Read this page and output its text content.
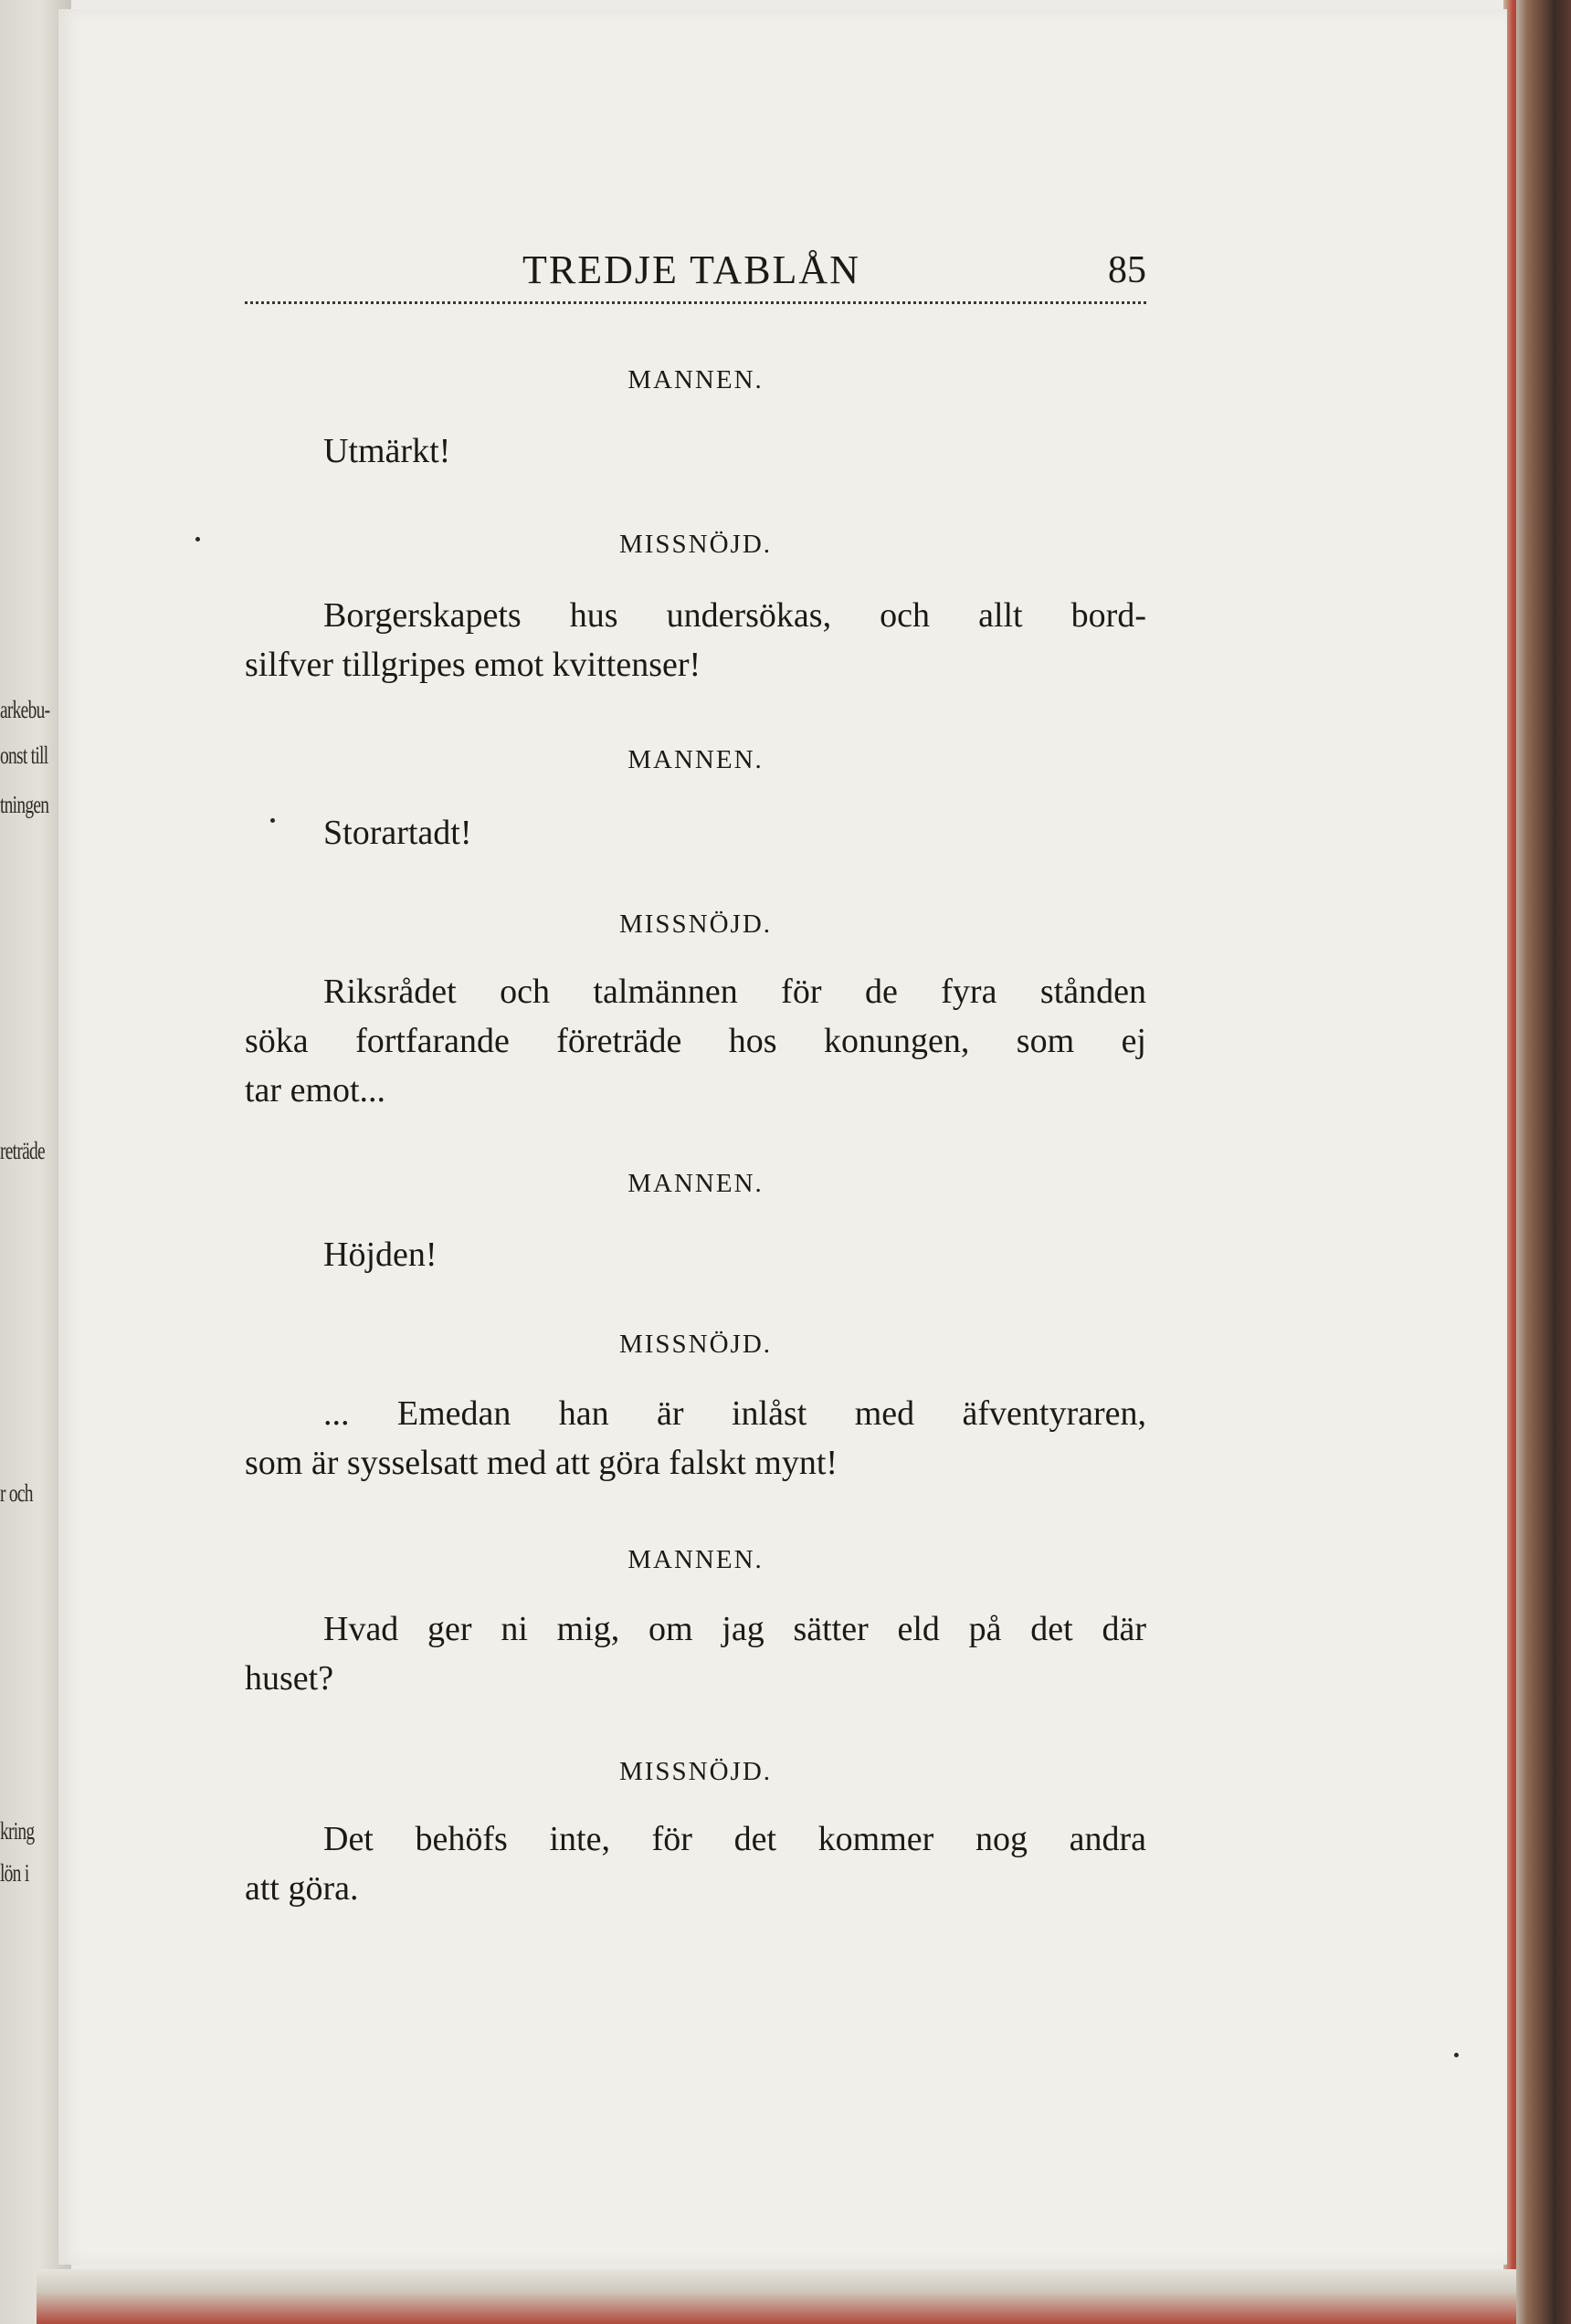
arkebu-
onst till
tningen
reträde
r och
kring
lön i
TREDJE TABLÅN	85
MANNEN.
Utmärkt!
MISSNÖJD.
Borgerskapets hus undersökas, och allt bord-
silfver tillgripes emot kvittenser!
MANNEN.
Storartadt!
MISSNÖJD.
Riksrådet och talmännen för de fyra stånden
söka fortfarande företräde hos konungen, som ej
tar emot...
MANNEN.
Höjden!
MISSNÖJD.
... Emedan han är inlåst med äfventyraren,
som är sysselsatt med att göra falskt mynt!
MANNEN.
Hvad ger ni mig, om jag sätter eld på det där
huset?
MISSNÖJD.
Det behöfs inte, för det kommer nog andra
att göra.
